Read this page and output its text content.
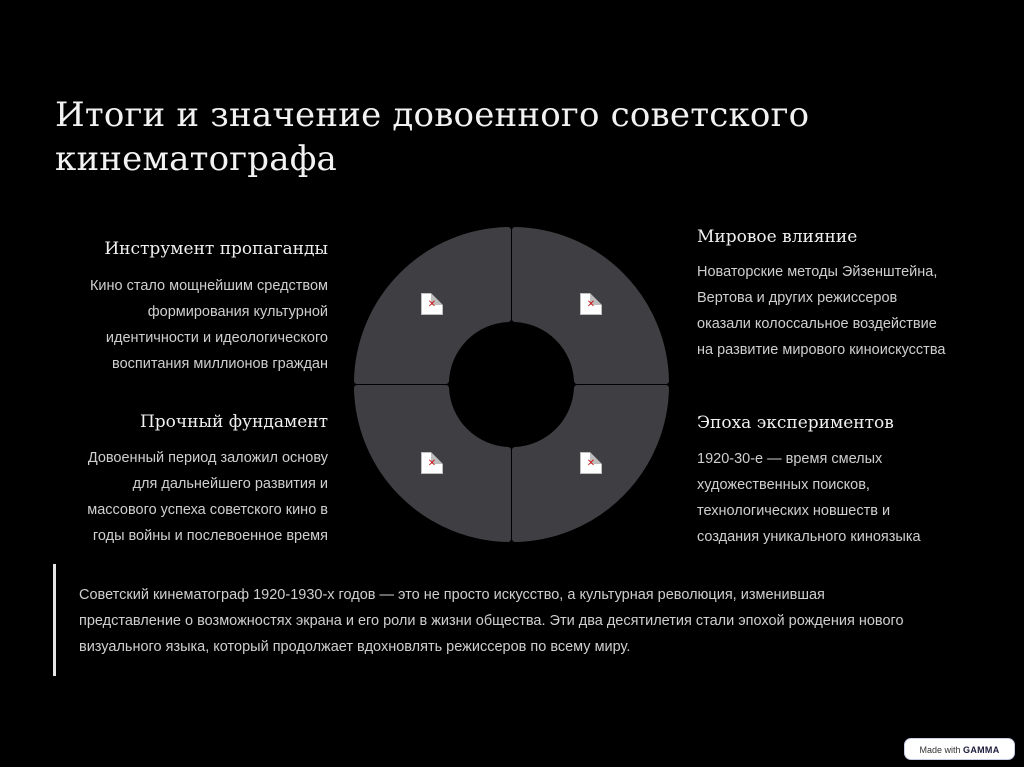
Итоги и значение довоенного советского
кинематографа
Инструмент пропаганды

Кино стало мощнейшим средством
формирования культурной
идентичности и идеологического
воспитания миллионов граждан

Мировое влияние

Новаторские методы Эйзенштейна,
Вертова и других режиссеров
оказали колоссальное воздействие
на развитие мирового киноискусства

Прочный фундамент

Довоенный период заложил основу
для дальнейшего развития и
массового успеха советского кино в
годы войны и послевоенное время

Эпоха экспериментов

1920-30-е — время смелых
художественных поисков,
технологических новшеств и
создания уникального киноязыка

✕	✕
✕	✕

Советский кинематограф 1920-1930-х годов — это не просто искусство, а культурная революция, изменившая
представление о возможностях экрана и его роли в жизни общества. Эти два десятилетия стали эпохой рождения нового
визуального языка, который продолжает вдохновлять режиссеров по всему миру.

Made with GAMMA
